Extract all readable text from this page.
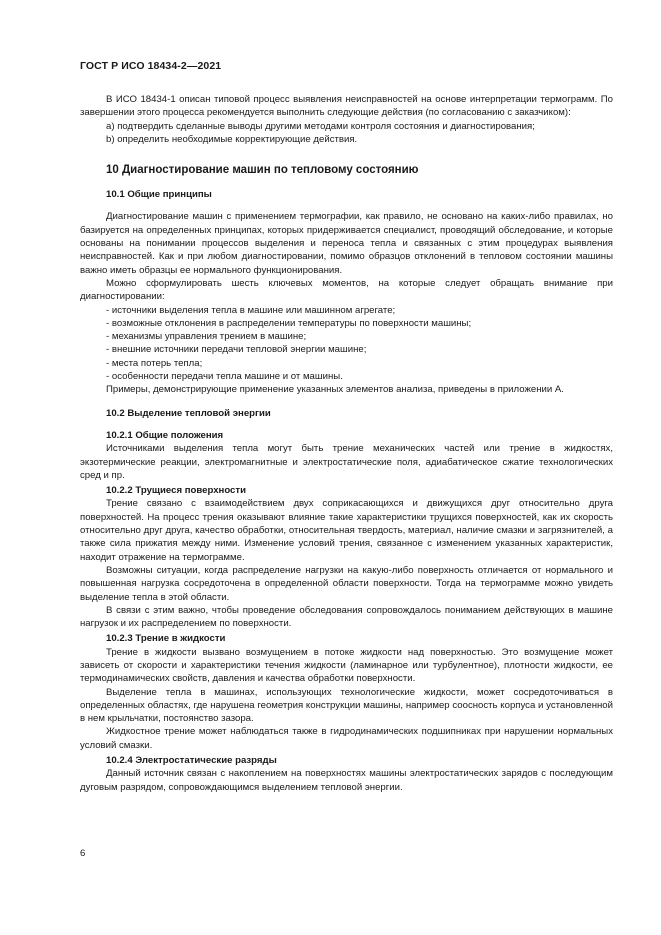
ГОСТ Р ИСО 18434-2—2021

В ИСО 18434-1 описан типовой процесс выявления неисправностей на основе интерпретации термограмм. По завершении этого процесса рекомендуется выполнить следующие действия (по согласованию с заказчиком):

a) подтвердить сделанные выводы другими методами контроля состояния и диагностирования;

b) определить необходимые корректирующие действия.

10 Диагностирование машин по тепловому состоянию
10.1 Общие принципы

Диагностирование машин с применением термографии, как правило, не основано на каких-либо правилах, но базируется на определенных принципах, которых придерживается специалист, проводящий обследование, и которые основаны на понимании процессов выделения и переноса тепла и связанных с этим процедурах выявления неисправностей. Как и при любом диагностировании, помимо образцов отклонений в тепловом состоянии машины важно иметь образцы ее нормального функционирования.

Можно сформулировать шесть ключевых моментов, на которые следует обращать внимание при диагностировании:

- источники выделения тепла в машине или машинном агрегате;

- возможные отклонения в распределении температуры по поверхности машины;

- механизмы управления трением в машине;

- внешние источники передачи тепловой энергии машине;

- места потерь тепла;

- особенности передачи тепла машине и от машины.

Примеры, демонстрирующие применение указанных элементов анализа, приведены в приложении А.

10.2 Выделение тепловой энергии
10.2.1 Общие положения

Источниками выделения тепла могут быть трение механических частей или трение в жидкостях, экзотермические реакции, электромагнитные и электростатические поля, адиабатическое сжатие технологических сред и пр.

10.2.2 Трущиеся поверхности

Трение связано с взаимодействием двух соприкасающихся и движущихся друг относительно друга поверхностей. На процесс трения оказывают влияние такие характеристики трущихся поверхностей, как их скорость относительно друг друга, качество обработки, относительная твердость, материал, наличие смазки и загрязнителей, а также сила прижатия между ними. Изменение условий трения, связанное с изменением указанных характеристик, находит отражение на термограмме.

Возможны ситуации, когда распределение нагрузки на какую-либо поверхность отличается от нормального и повышенная нагрузка сосредоточена в определенной области поверхности. Тогда на термограмме можно увидеть выделение тепла в этой области.

В связи с этим важно, чтобы проведение обследования сопровождалось пониманием действующих в машине нагрузок и их распределением по поверхности.

10.2.3 Трение в жидкости

Трение в жидкости вызвано возмущением в потоке жидкости над поверхностью. Это возмущение может зависеть от скорости и характеристики течения жидкости (ламинарное или турбулентное), плотности жидкости, ее термодинамических свойств, давления и качества обработки поверхности.

Выделение тепла в машинах, использующих технологические жидкости, может сосредоточиваться в определенных областях, где нарушена геометрия конструкции машины, например соосность корпуса и установленной в нем крыльчатки, постоянство зазора.

Жидкостное трение может наблюдаться также в гидродинамических подшипниках при нарушении нормальных условий смазки.

10.2.4 Электростатические разряды

Данный источник связан с накоплением на поверхностях машины электростатических зарядов с последующим дуговым разрядом, сопровождающимся выделением тепловой энергии.

6
